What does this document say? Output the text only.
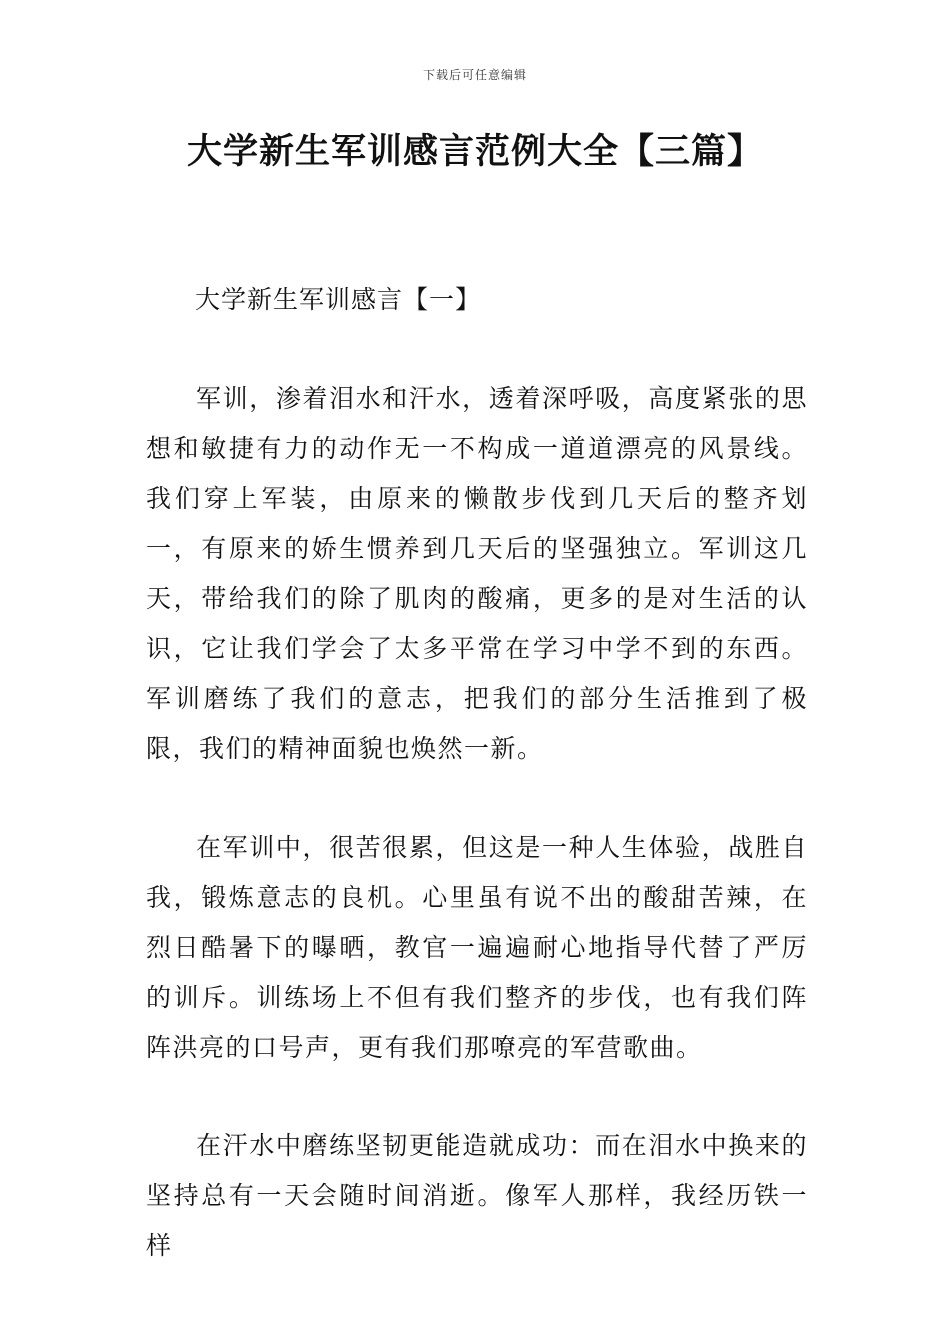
下载后可任意编辑
大学新生军训感言范例大全【三篇】
大学新生军训感言【一】

军训，渗着泪水和汗水，透着深呼吸，高度紧张的思想和敏捷有力的动作无一不构成一道道漂亮的风景线。我们穿上军装，由原来的懒散步伐到几天后的整齐划一，有原来的娇生惯养到几天后的坚强独立。军训这几天，带给我们的除了肌肉的酸痛，更多的是对生活的认识，它让我们学会了太多平常在学习中学不到的东西。军训磨练了我们的意志，把我们的部分生活推到了极限，我们的精神面貌也焕然一新。

在军训中，很苦很累，但这是一种人生体验，战胜自我，锻炼意志的良机。心里虽有说不出的酸甜苦辣，在烈日酷暑下的曝晒，教官一遍遍耐心地指导代替了严厉的训斥。训练场上不但有我们整齐的步伐，也有我们阵阵洪亮的口号声，更有我们那嘹亮的军营歌曲。

在汗水中磨练坚韧更能造就成功：而在泪水中换来的坚持总有一天会随时间消逝。像军人那样，我经历铁一样
